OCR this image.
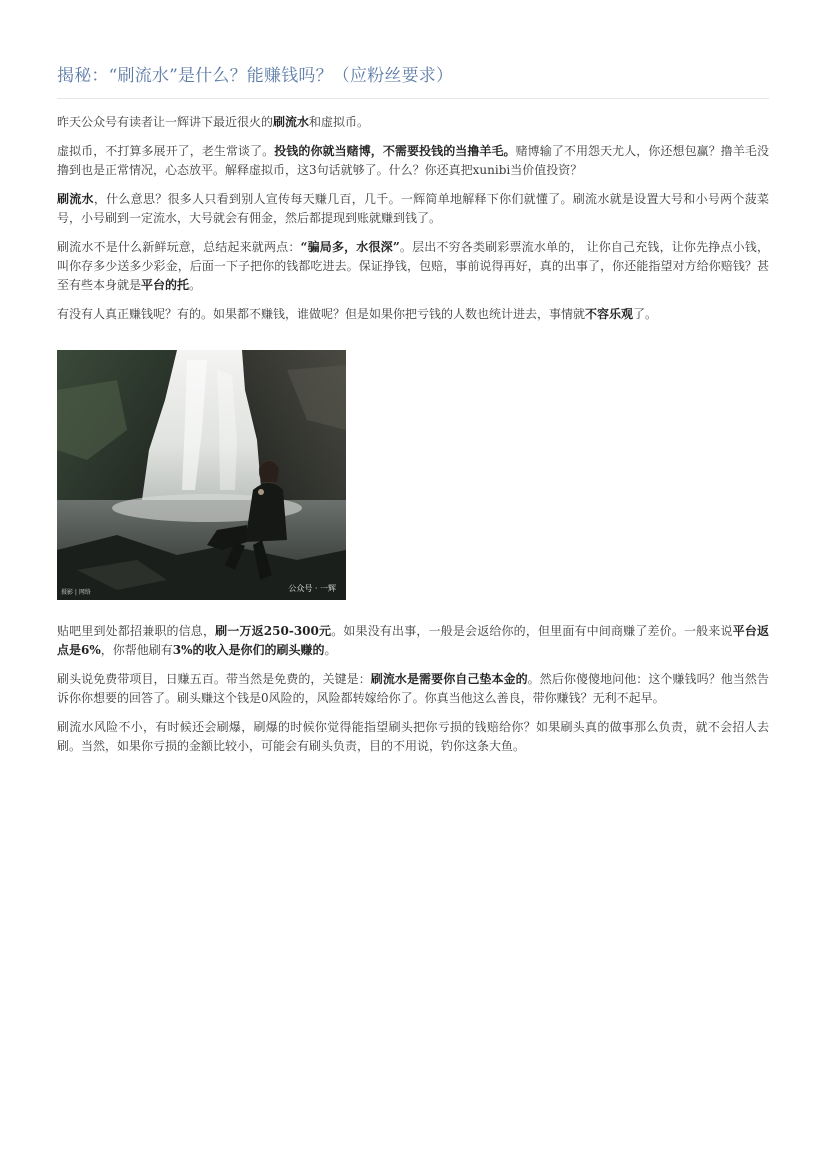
揭秘：“刷流水”是什么？能赚钱吗？（应粉丝要求）

昨天公众号有读者让一辉讲下最近很火的刷流水和虚拟币。

虚拟币，不打算多展开了，老生常谈了。投钱的你就当赌博，不需要投钱的当撸羊毛。赌博输了不用怨天尤人，你还想包赢？撸羊毛没撸到也是正常情况，心态放平。解释虚拟币，这3句话就够了。什么？你还真把xunibi当价值投资？

刷流水，什么意思？很多人只看到别人宣传每天赚几百，几千。一辉简单地解释下你们就懂了。刷流水就是设置大号和小号两个菠菜号，小号刷到一定流水，大号就会有佣金，然后都提现到账就赚到钱了。

刷流水不是什么新鲜玩意，总结起来就两点：“骗局多，水很深”。层出不穷各类刷彩票流水单的， 让你自己充钱，让你先挣点小钱，叫你存多少送多少彩金，后面一下子把你的钱都吃进去。保证挣钱，包赔，事前说得再好，真的出事了，你还能指望对方给你赔钱？甚至有些本身就是平台的托。

有没有人真正赚钱呢？有的。如果都不赚钱，谁做呢？但是如果你把亏钱的人数也统计进去，事情就不容乐观了。

公众号 · 一辉
摄影 | 网络

贴吧里到处都招兼职的信息，刷一万返250-300元。如果没有出事，一般是会返给你的，但里面有中间商赚了差价。一般来说平台返点是6%，你帮他刷有3%的收入是你们的刷头赚的。

刷头说免费带项目，日赚五百。带当然是免费的，关键是：刷流水是需要你自己垫本金的。然后你傻傻地问他：这个赚钱吗？他当然告诉你你想要的回答了。刷头赚这个钱是0风险的，风险都转嫁给你了。你真当他这么善良，带你赚钱？无利不起早。

刷流水风险不小，有时候还会刷爆，刷爆的时候你觉得能指望刷头把你亏损的钱赔给你？如果刷头真的做事那么负责，就不会招人去刷。当然，如果你亏损的金额比较小，可能会有刷头负责，目的不用说，钓你这条大鱼。
